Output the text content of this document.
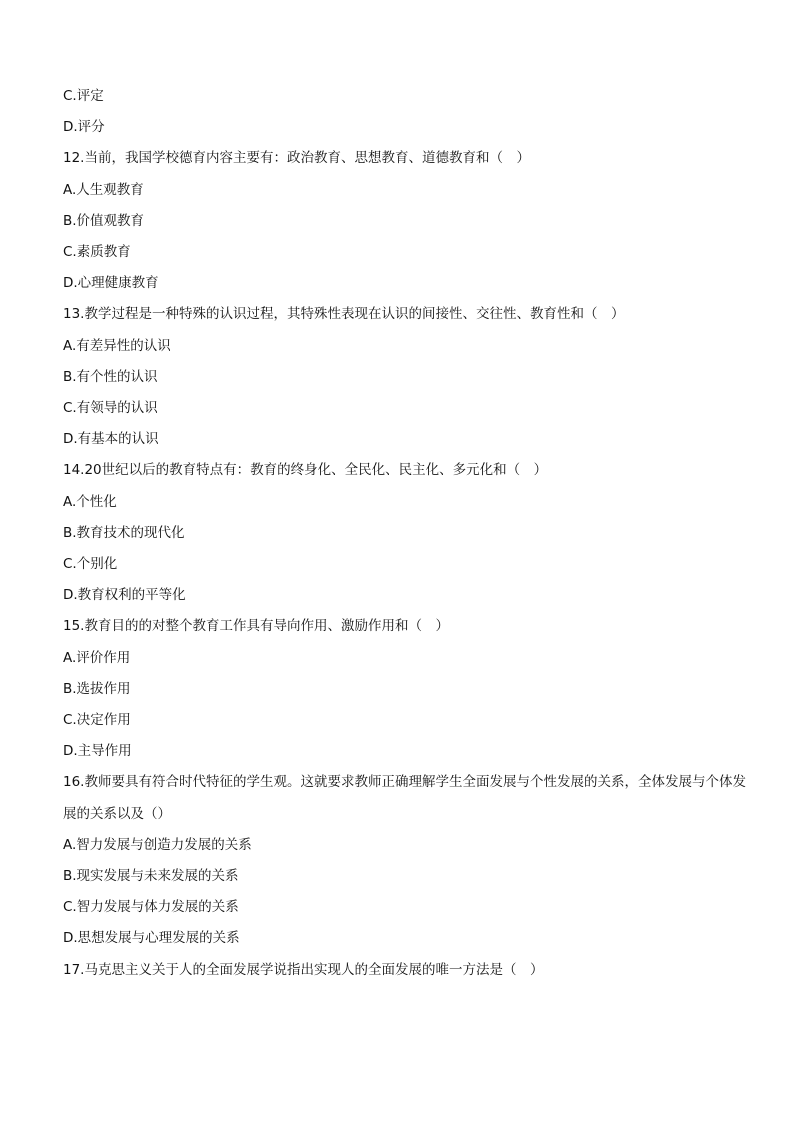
C.评定
D.评分
12.当前，我国学校德育内容主要有：政治教育、思想教育、道德教育和（　）
A.人生观教育
B.价值观教育
C.素质教育
D.心理健康教育
13.教学过程是一种特殊的认识过程，其特殊性表现在认识的间接性、交往性、教育性和（　）
A.有差异性的认识
B.有个性的认识
C.有领导的认识
D.有基本的认识
14.20世纪以后的教育特点有：教育的终身化、全民化、民主化、多元化和（　）
A.个性化
B.教育技术的现代化
C.个别化
D.教育权利的平等化
15.教育目的的对整个教育工作具有导向作用、激励作用和（　）
A.评价作用
B.选拔作用
C.决定作用
D.主导作用
16.教师要具有符合时代特征的学生观。这就要求教师正确理解学生全面发展与个性发展的关系，全体发展与个体发展的关系以及（）
A.智力发展与创造力发展的关系
B.现实发展与未来发展的关系
C.智力发展与体力发展的关系
D.思想发展与心理发展的关系
17.马克思主义关于人的全面发展学说指出实现人的全面发展的唯一方法是（　）
